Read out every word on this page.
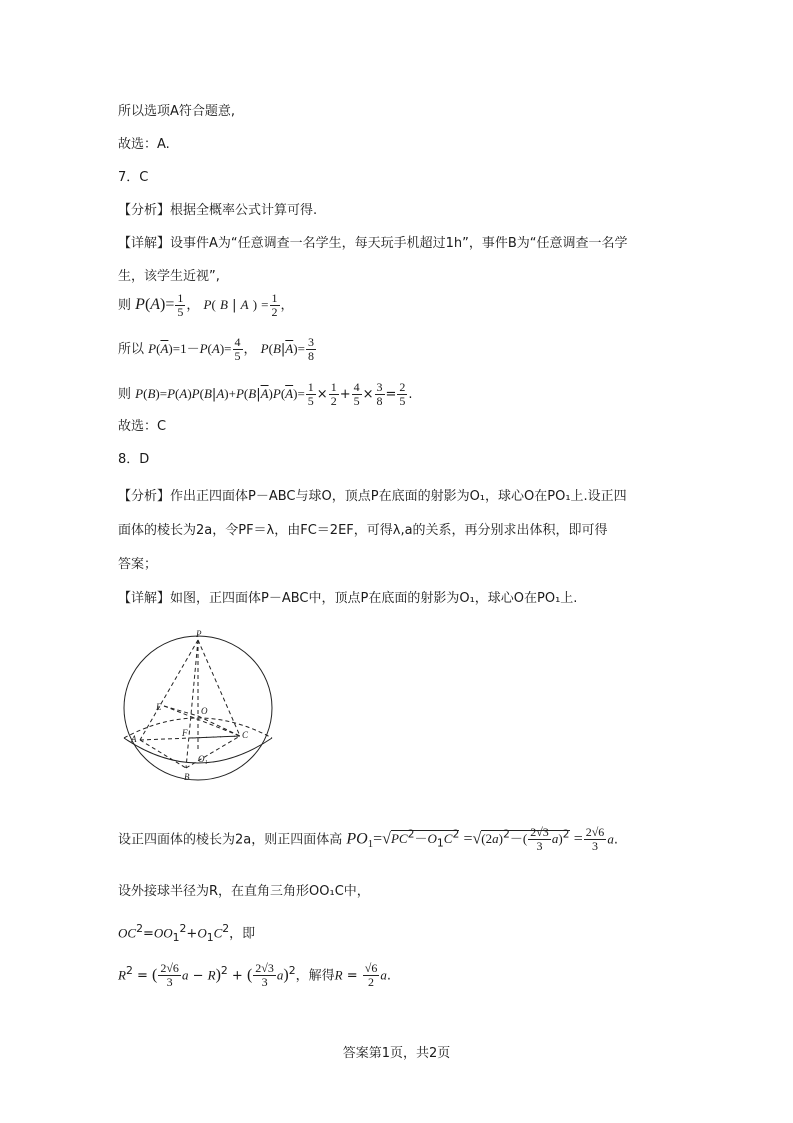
所以选项A符合题意,
故选：A.
7．C
【分析】根据全概率公式计算可得.
【详解】设事件A为“任意调查一名学生，每天玩手机超过1h”，事件B为“任意调查一名学
生，该学生近视”,
则 $P(A)= \frac{1}{5}$ ， P( B | A ) = $\frac{1}{2}$ ，
所以 $P(\overline{A})=1-P(A)= \frac{4}{5}$ ， $P(B|\overline{A})= \frac{3}{8}$
则 $P(B)=P(A)P(B|A)+P(B|\overline{A})P(\overline{A})= \frac{1}{5} \times \frac{1}{2} + \frac{4}{5} \times \frac{3}{8} = \frac{2}{5}$ .
故选：C
8．D
【分析】作出正四面体P－ABC与球O，顶点P在底面的射影为O₁，球心O在PO₁上.设正四
面体的棱长为2a，令PF＝λ，由FC＝2EF，可得λ,a的关系，再分别求出体积，即可得
答案；
【详解】如图，正四面体P－ABC中，顶点P在底面的射影为O₁，球心O在PO₁上.
P
E	O
F
A	C
O₁
B
设正四面体的棱长为2a，则正四面体高 $PO_1=√PC^2-O_1C^2 =√(2a)^2-( \frac{2√3}{3} a)^2 = \frac{2√6}{3} a$.
设外接球半径为R，在直角三角形OO₁C中，
$OC^2=OO_1^2+O_1C^2$，即
$R^2$ = ( $\frac{2√6}{3}$ a − R)$^2$ + ( $\frac{2√3}{3} a)^2$，解得$R = \frac{√6}{2} a$.
答案第1页，共2页
